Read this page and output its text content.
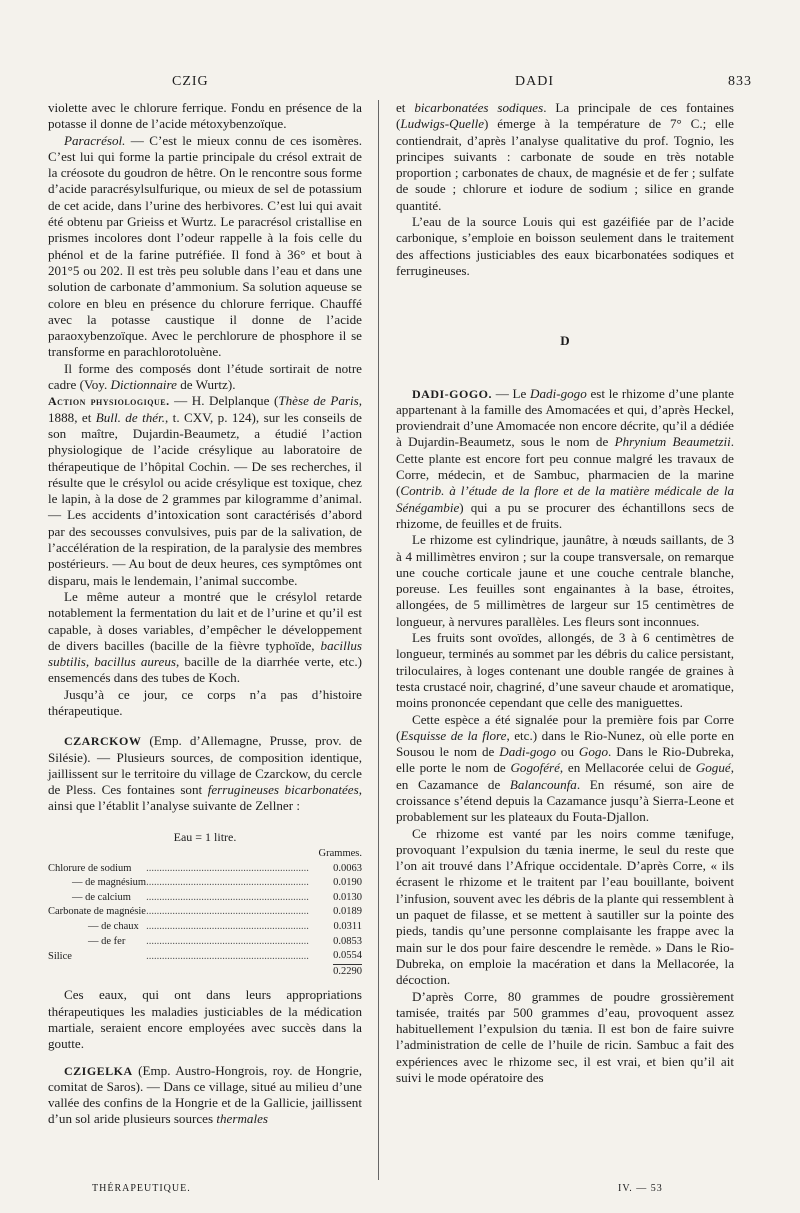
CZIG	DADI	833

violette avec le chlorure ferrique. Fondu en présence de la potasse il donne de l’acide métoxybenzoïque.

Paracrésol. — C’est le mieux connu de ces isomères. C’est lui qui forme la partie principale du crésol extrait de la créosote du goudron de hêtre. On le rencontre sous forme d’acide paracrésylsulfurique, ou mieux de sel de potassium de cet acide, dans l’urine des herbivores. C’est lui qui avait été obtenu par Grieiss et Wurtz. Le paracrésol cristallise en prismes incolores dont l’odeur rappelle à la fois celle du phénol et de la farine putréfiée. Il fond à 36° et bout à 201°5 ou 202. Il est très peu soluble dans l’eau et dans une solution de carbonate d’ammonium. Sa solution aqueuse se colore en bleu en présence du chlorure ferrique. Chauffé avec la potasse caustique il donne de l’acide paraoxybenzoïque. Avec le perchlorure de phosphore il se transforme en parachlorotoluène.

Il forme des composés dont l’étude sortirait de notre cadre (Voy. Dictionnaire de Wurtz).

Action physiologique. — H. Delplanque (Thèse de Paris, 1888, et Bull. de thér., t. CXV, p. 124), sur les conseils de son maître, Dujardin-Beaumetz, a étudié l’action physiologique de l’acide crésylique au laboratoire de thérapeutique de l’hôpital Cochin. — De ses recherches, il résulte que le crésylol ou acide crésylique est toxique, chez le lapin, à la dose de 2 grammes par kilogramme d’animal. — Les accidents d’intoxication sont caractérisés d’abord par des secousses convulsives, puis par de la salivation, de l’accélération de la respiration, de la paralysie des membres postérieurs. — Au bout de deux heures, ces symptômes ont disparu, mais le lendemain, l’animal succombe.

Le même auteur a montré que le crésylol retarde notablement la fermentation du lait et de l’urine et qu’il est capable, à doses variables, d’empêcher le développement de divers bacilles (bacille de la fièvre typhoïde, bacillus subtilis, bacillus aureus, bacille de la diarrhée verte, etc.) ensemencés dans des tubes de Koch.

Jusqu’à ce jour, ce corps n’a pas d’histoire thérapeutique.

CZARCKOW (Emp. d’Allemagne, Prusse, prov. de Silésie). — Plusieurs sources, de composition identique, jaillissent sur le territoire du village de Czarckow, du cercle de Pless. Ces fontaines sont ferrugineuses bicarbonatées, ainsi que l’établit l’analyse suivante de Zellner :

Eau = 1 litre.
Grammes.		
Chlorure de sodium	..............................................................	0.0063
— de magnésium	..............................................................	0.0190
— de calcium	..............................................................	0.0130
Carbonate de magnésie	..............................................................	0.0189
— de chaux	..............................................................	0.0311
— de fer	..............................................................	0.0853
Silice	..............................................................	0.0554
		0.2290

Ces eaux, qui ont dans leurs appropriations thérapeutiques les maladies justiciables de la médication martiale, seraient encore employées avec succès dans la goutte.

CZIGELKA (Emp. Austro-Hongrois, roy. de Hongrie, comitat de Saros). — Dans ce village, situé au milieu d’une vallée des confins de la Hongrie et de la Gallicie, jaillissent d’un sol aride plusieurs sources thermales

et bicarbonatées sodiques. La principale de ces fontaines (Ludwigs-Quelle) émerge à la température de 7° C.; elle contiendrait, d’après l’analyse qualitative du prof. Tognio, les principes suivants : carbonate de soude en très notable proportion ; carbonates de chaux, de magnésie et de fer ; sulfate de soude ; chlorure et iodure de sodium ; silice en grande quantité.

L’eau de la source Louis qui est gazéifiée par de l’acide carbonique, s’emploie en boisson seulement dans le traitement des affections justiciables des eaux bicarbonatées sodiques et ferrugineuses.

D

DADI-GOGO. — Le Dadi-gogo est le rhizome d’une plante appartenant à la famille des Amomacées et qui, d’après Heckel, proviendrait d’une Amomacée non encore décrite, qu’il a dédiée à Dujardin-Beaumetz, sous le nom de Phrynium Beaumetzii. Cette plante est encore fort peu connue malgré les travaux de Corre, médecin, et de Sambuc, pharmacien de la marine (Contrib. à l’étude de la flore et de la matière médicale de la Sénégambie) qui a pu se procurer des échantillons secs de rhizome, de feuilles et de fruits.

Le rhizome est cylindrique, jaunâtre, à nœuds saillants, de 3 à 4 millimètres environ ; sur la coupe transversale, on remarque une couche corticale jaune et une couche centrale blanche, poreuse. Les feuilles sont engainantes à la base, étroites, allongées, de 5 millimètres de largeur sur 15 centimètres de longueur, à nervures parallèles. Les fleurs sont inconnues.

Les fruits sont ovoïdes, allongés, de 3 à 6 centimètres de longueur, terminés au sommet par les débris du calice persistant, triloculaires, à loges contenant une double rangée de graines à testa crustacé noir, chagriné, d’une saveur chaude et aromatique, moins prononcée cependant que celle des maniguettes.

Cette espèce a été signalée pour la première fois par Corre (Esquisse de la flore, etc.) dans le Rio-Nunez, où elle porte en Sousou le nom de Dadi-gogo ou Gogo. Dans le Rio-Dubreka, elle porte le nom de Gogoféré, en Mellacorée celui de Gogué, en Cazamance de Balancounfa. En résumé, son aire de croissance s’étend depuis la Cazamance jusqu’à Sierra-Leone et probablement sur les plateaux du Fouta-Djallon.

Ce rhizome est vanté par les noirs comme tænifuge, provoquant l’expulsion du tænia inerme, le seul du reste que l’on ait trouvé dans l’Afrique occidentale. D’après Corre, « ils écrasent le rhizome et le traitent par l’eau bouillante, boivent l’infusion, souvent avec les débris de la plante qui ressemblent à un paquet de filasse, et se mettent à sautiller sur la pointe des pieds, tandis qu’une personne complaisante les frappe avec la main sur le dos pour faire descendre le remède. » Dans le Rio-Dubreka, on emploie la macération et dans la Mellacorée, la décoction.

D’après Corre, 80 grammes de poudre grossièrement tamisée, traités par 500 grammes d’eau, provoquent assez habituellement l’expulsion du tænia. Il est bon de faire suivre l’administration de celle de l’huile de ricin. Sambuc a fait des expériences avec le rhizome sec, il est vrai, et bien qu’il ait suivi le mode opératoire des

THÉRAPEUTIQUE.	IV. — 53
